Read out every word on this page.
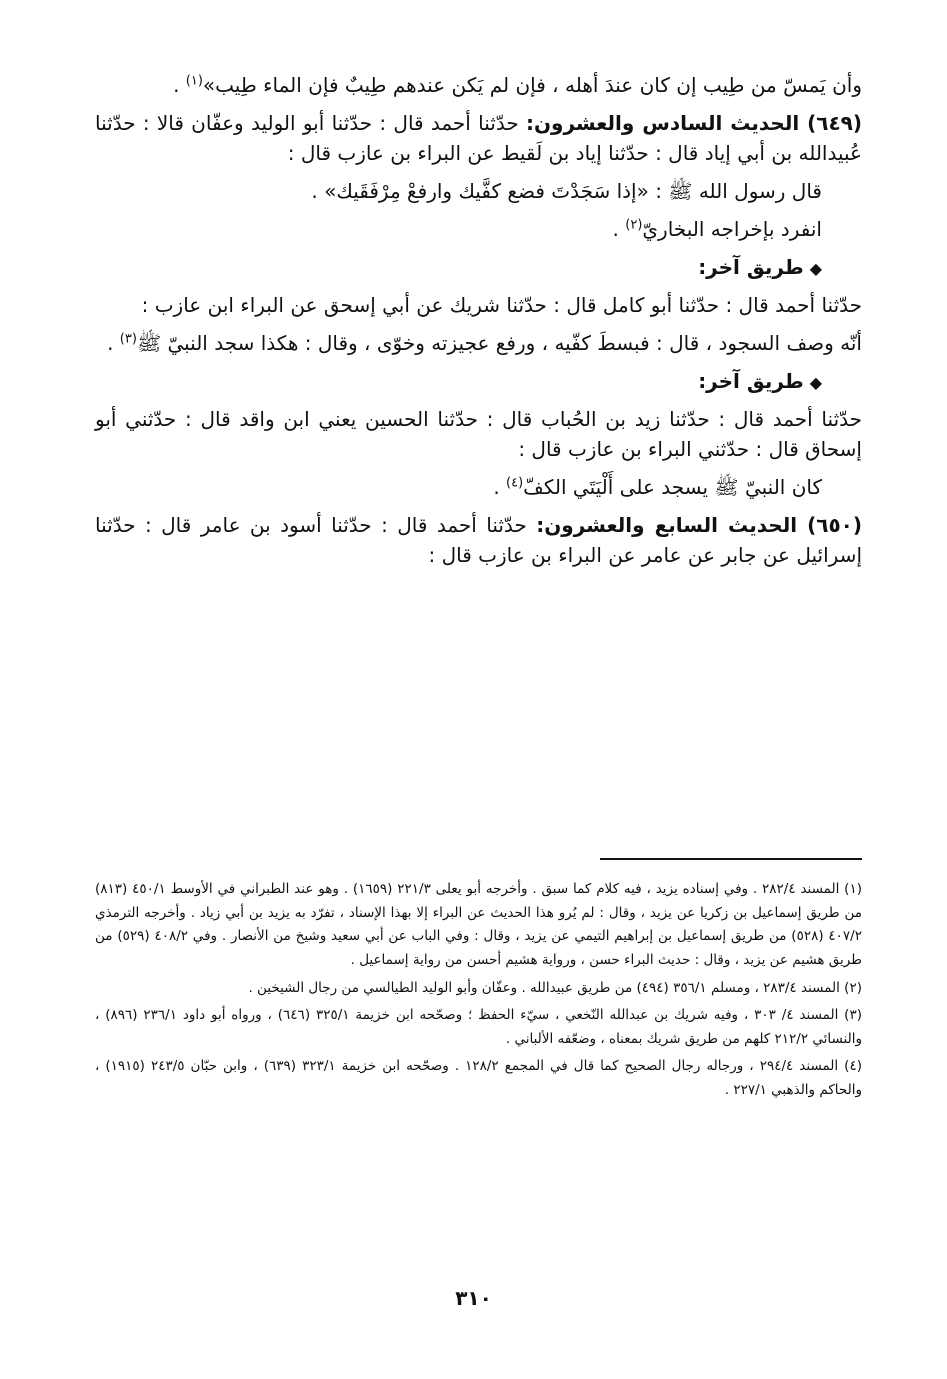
وأن يَمسّ من طِيب إن كان عندَ أهله ، فإن لم يَكن عندهم طِيبٌ فإن الماء طِيب»$^{(١)}$ .

(٦٤٩) الحديث السادس والعشرون: حدّثنا أحمد قال : حدّثنا أبو الوليد وعفّان قالا : حدّثنا عُبيدالله بن أبي إياد قال : حدّثنا إياد بن لَقيط عن البراء بن عازب قال :

قال رسول الله ﷺ : «إذا سَجَدْتَ فضع كفَّيك وارفعْ مِرْفَقَيك» .

انفرد بإخراجه البخاريّ$^{(٢)}$ .

◆طريق آخر:

حدّثنا أحمد قال : حدّثنا أبو كامل قال : حدّثنا شريك عن أبي إسحق عن البراء ابن عازب :

أنّه وصف السجود ، قال : فبسطَ كفّيه ، ورفع عجيزته وخوّى ، وقال : هكذا سجد النبيّ ﷺ$^{(٣)}$ .

◆طريق آخر:

حدّثنا أحمد قال : حدّثنا زيد بن الحُباب قال : حدّثنا الحسين يعني ابن واقد قال : حدّثني أبو إسحاق قال : حدّثني البراء بن عازب قال :

كان النبيّ ﷺ يسجد على أَلْيَتَي الكفّ$^{(٤)}$ .

(٦٥٠) الحديث السابع والعشرون: حدّثنا أحمد قال : حدّثنا أسود بن عامر قال : حدّثنا إسرائيل عن جابر عن عامر عن البراء بن عازب قال :

(١) المسند ٢٨٢/٤ . وفي إسناده يزيد ، فيه كلام كما سبق . وأخرجه أبو يعلى ٢٢١/٣ (١٦٥٩) . وهو عند الطبراني في الأوسط ٤٥٠/١ (٨١٣) من طريق إسماعيل بن زكريا عن يزيد ، وقال : لم يُرو هذا الحديث عن البراء إلا بهذا الإسناد ، تفرّد به يزيد بن أبي زياد . وأخرجه الترمذي ٤٠٧/٢ (٥٢٨) من طريق إسماعيل بن إبراهيم التيمي عن يزيد ، وقال : وفي الباب عن أبي سعيد وشيخ من الأنصار . وفي ٤٠٨/٢ (٥٢٩) من طريق هشيم عن يزيد ، وقال : حديث البراء حسن ، ورواية هشيم أحسن من رواية إسماعيل .

(٢) المسند ٢٨٣/٤ ، ومسلم ٣٥٦/١ (٤٩٤) من طريق عبيدالله . وعفّان وأبو الوليد الطيالسي من رجال الشيخين .

(٣) المسند ٤/ ٣٠٣ ، وفيه شريك بن عبدالله النّخعي ، سيّء الحفظ ؛ وصحّحه ابن خزيمة ٣٢٥/١ (٦٤٦) ، ورواه أبو داود ٢٣٦/١ (٨٩٦) ، والنسائي ٢١٢/٢ كلهم من طريق شريك بمعناه ، وضعّفه الألباني .

(٤) المسند ٢٩٤/٤ ، ورجاله رجال الصحيح كما قال في المجمع ١٢٨/٢ . وصحّحه ابن خزيمة ٣٢٣/١ (٦٣٩) ، وابن حبّان ٢٤٣/٥ (١٩١٥) ، والحاكم والذهبي ٢٢٧/١ .

٣١٠
